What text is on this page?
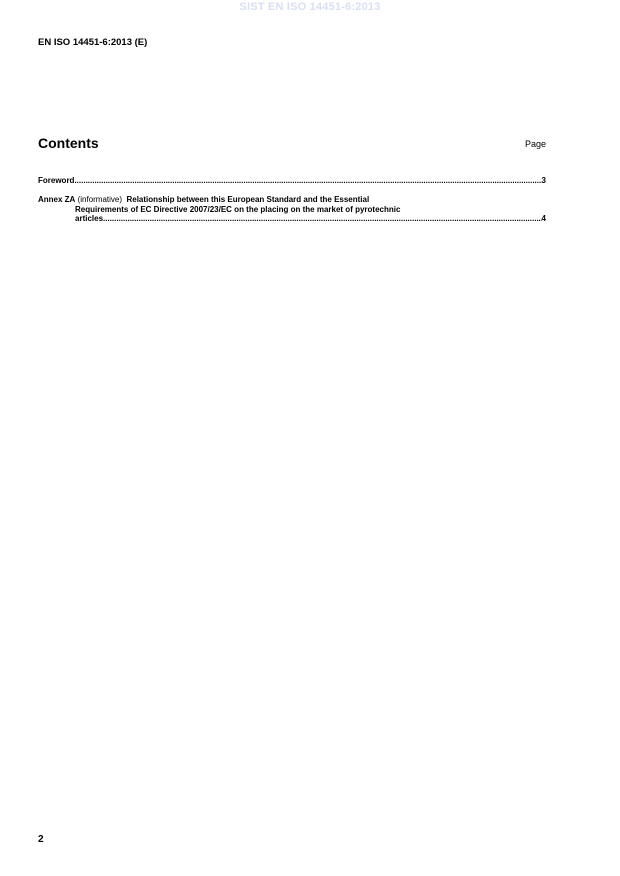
SIST EN ISO 14451-6:2013
EN ISO 14451-6:2013 (E)
Contents	Page
Foreword .....	3
Annex ZA (informative) Relationship between this European Standard and the Essential
Requirements of EC Directive 2007/23/EC on the placing on the market of pyrotechnic
articles .....	4
2
